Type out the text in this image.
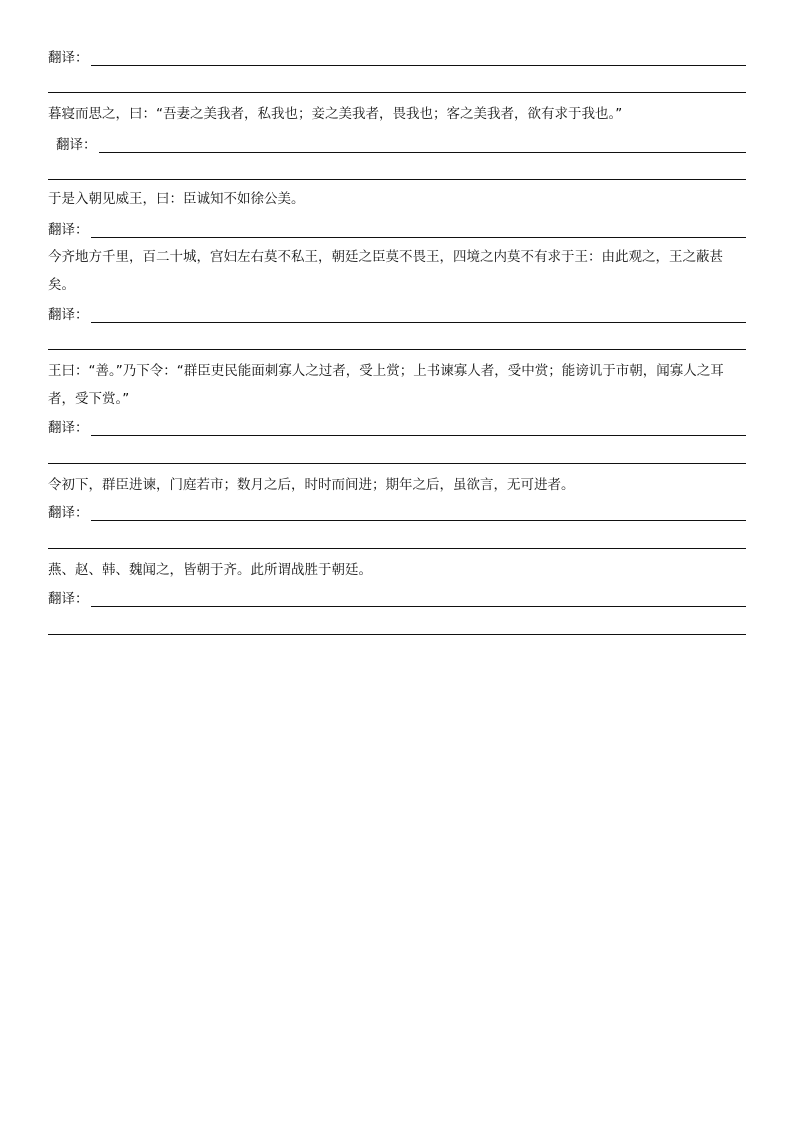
翻译：
暮寝而思之，曰：“吾妻之美我者，私我也；妾之美我者，畏我也；客之美我者，欲有求于我也。”
翻译：
于是入朝见威王，曰：臣诚知不如徐公美。
翻译：
今齐地方千里，百二十城，宫妇左右莫不私王，朝廷之臣莫不畏王，四境之内莫不有求于王：由此观之，王之蔽甚矣。
翻译：
王曰：“善。”乃下令：“群臣吏民能面刺寡人之过者，受上赏；上书谏寡人者，受中赏；能谤讥于市朝，闻寡人之耳者，受下赏。”
翻译：
令初下，群臣进谏，门庭若市；数月之后，时时而间进；期年之后，虽欲言，无可进者。
翻译：
燕、赵、韩、魏闻之，皆朝于齐。此所谓战胜于朝廷。
翻译：
